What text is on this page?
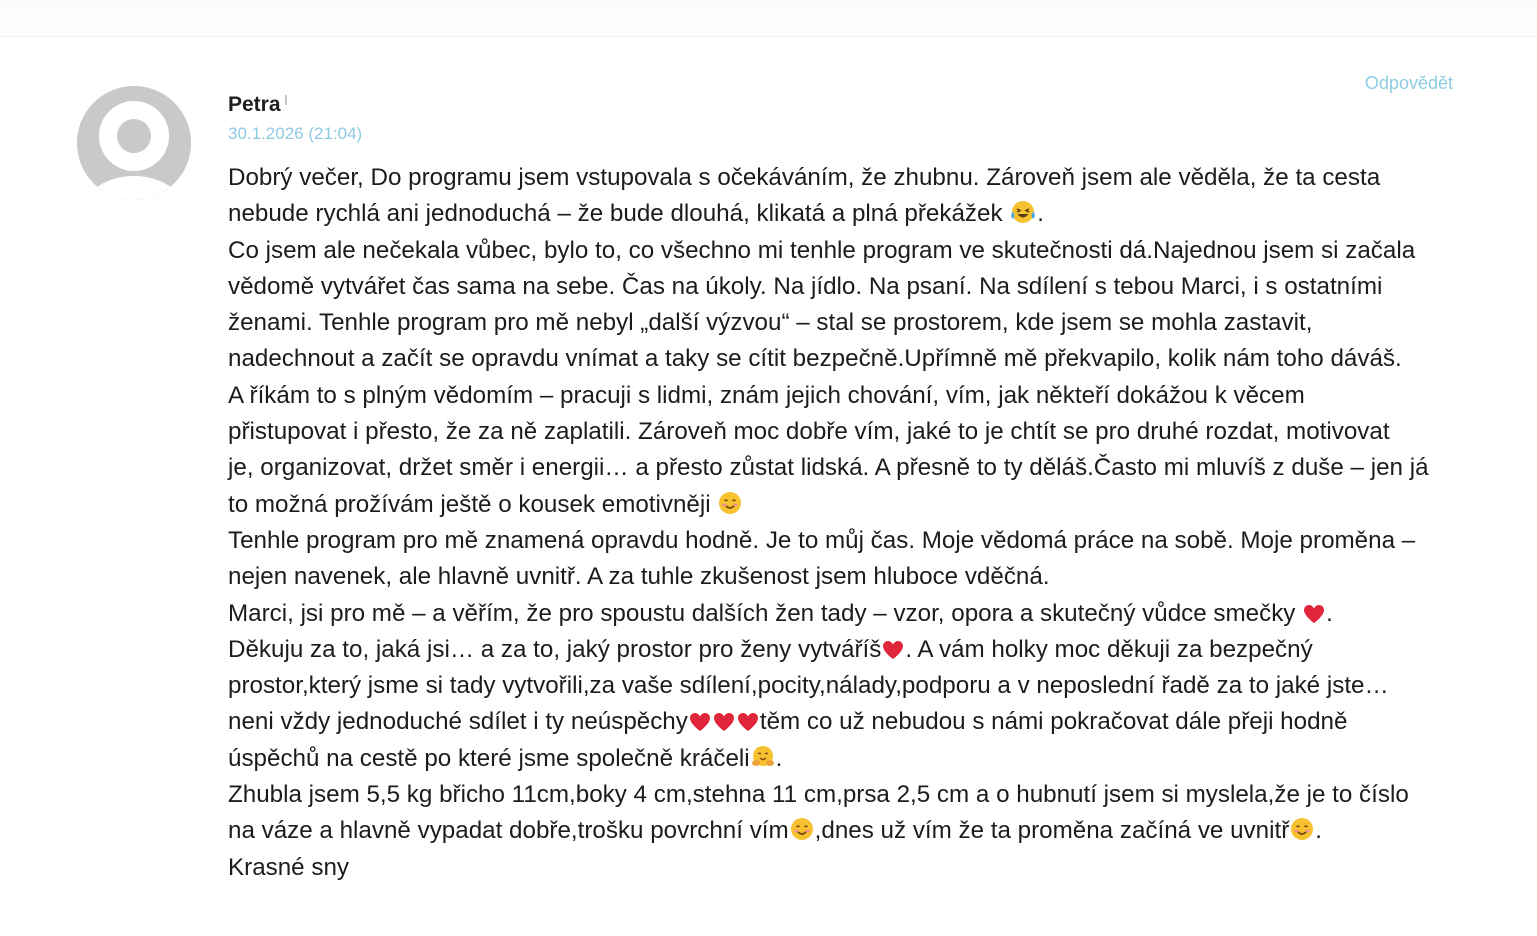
Odpovědět
Petra
30.1.2026 (21:04)
Dobrý večer, Do programu jsem vstupovala s očekáváním, že zhubnu. Zároveň jsem ale věděla, že ta cesta
nebude rychlá ani jednoduchá – že bude dlouhá, klikatá a plná překážek .
Co jsem ale nečekala vůbec, bylo to, co všechno mi tenhle program ve skutečnosti dá.Najednou jsem si začala
vědomě vytvářet čas sama na sebe. Čas na úkoly. Na jídlo. Na psaní. Na sdílení s tebou Marci, i s ostatními
ženami. Tenhle program pro mě nebyl „další výzvou“ – stal se prostorem, kde jsem se mohla zastavit,
nadechnout a začít se opravdu vnímat a taky se cítit bezpečně.Upřímně mě překvapilo, kolik nám toho dáváš.
A říkám to s plným vědomím – pracuji s lidmi, znám jejich chování, vím, jak někteří dokážou k věcem
přistupovat i přesto, že za ně zaplatili. Zároveň moc dobře vím, jaké to je chtít se pro druhé rozdat, motivovat
je, organizovat, držet směr i energii… a přesto zůstat lidská. A přesně to ty děláš.Často mi mluvíš z duše – jen já
to možná prožívám ještě o kousek emotivněji
Tenhle program pro mě znamená opravdu hodně. Je to můj čas. Moje vědomá práce na sobě. Moje proměna –
nejen navenek, ale hlavně uvnitř. A za tuhle zkušenost jsem hluboce vděčná.
Marci, jsi pro mě – a věřím, že pro spoustu dalších žen tady – vzor, opora a skutečný vůdce smečky .
Děkuju za to, jaká jsi… a za to, jaký prostor pro ženy vytváříš . A vám holky moc děkuji za bezpečný
prostor,který jsme si tady vytvořili,za vaše sdílení,pocity,nálady,podporu a v neposlední řadě za to jaké jste…
neni vždy jednoduché sdílet i ty neúspěchy	těm co už nebudou s námi pokračovat dále přeji hodně
úspěchů na cestě po které jsme společně kráčeli .
Zhubla jsem 5,5 kg břicho 11cm,boky 4 cm,stehna 11 cm,prsa 2,5 cm a o hubnutí jsem si myslela,že je to číslo
na váze a hlavně vypadat dobře,trošku povrchní vím ,dnes už vím že ta proměna začíná ve uvnitř .
Krasné sny
